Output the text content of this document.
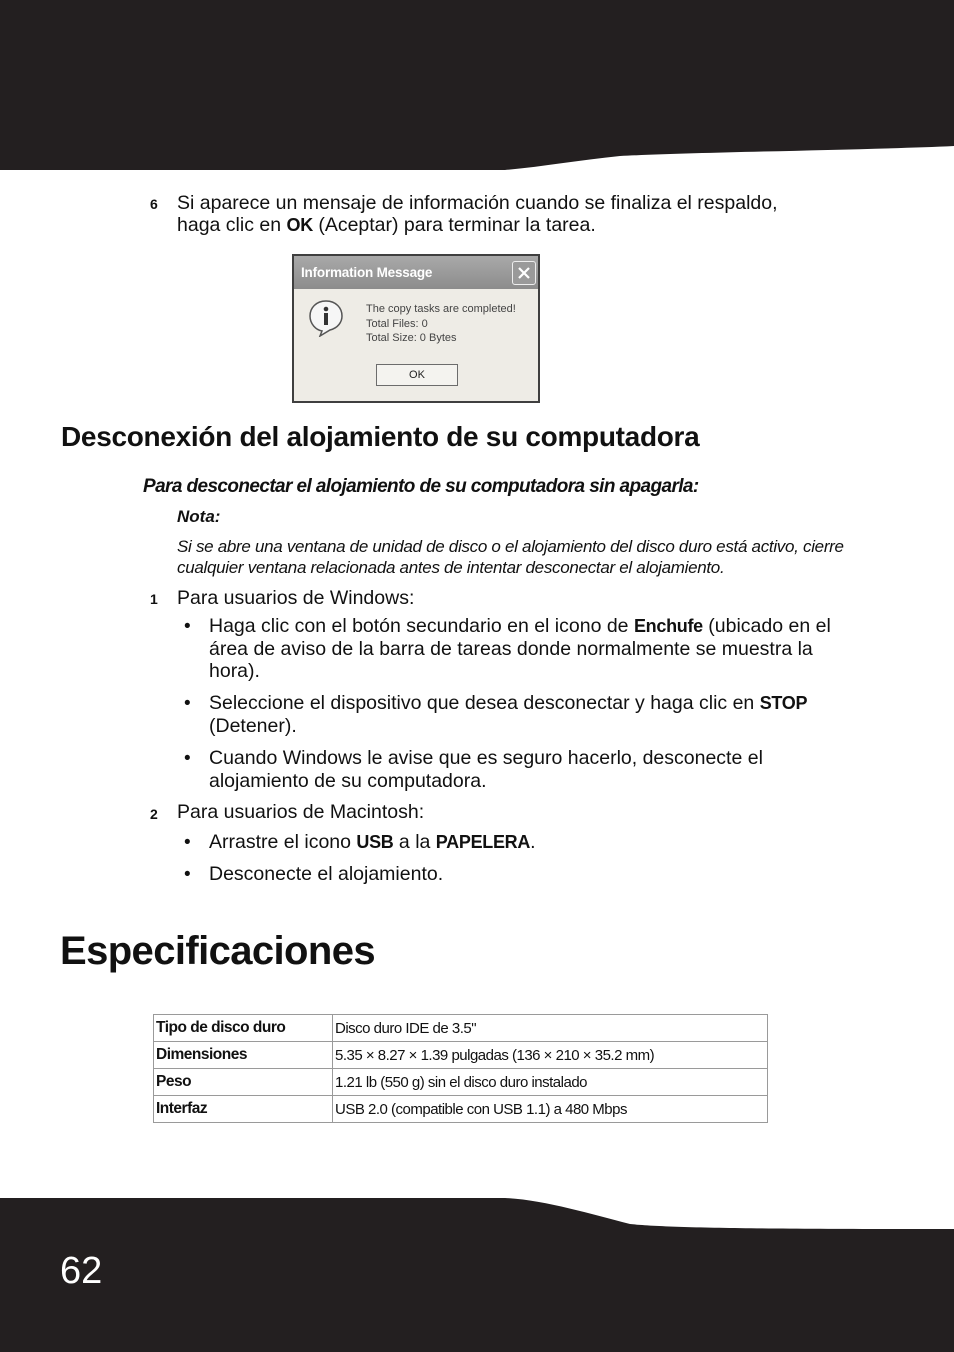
6 Si aparece un mensaje de información cuando se finaliza el respaldo,
haga clic en OK (Aceptar) para terminar la tarea.
Information Message
The copy tasks are completed!
Total Files: 0
Total Size: 0 Bytes
OK
Desconexión del alojamiento de su computadora
Para desconectar el alojamiento de su computadora sin apagarla:
Nota:
Si se abre una ventana de unidad de disco o el alojamiento del disco duro está activo, cierre cualquier ventana relacionada antes de intentar desconectar el alojamiento.
1 Para usuarios de Windows:
• Haga clic con el botón secundario en el icono de Enchufe (ubicado en el área de aviso de la barra de tareas donde normalmente se muestra la hora).
• Seleccione el dispositivo que desea desconectar y haga clic en STOP (Detener).
• Cuando Windows le avise que es seguro hacerlo, desconecte el alojamiento de su computadora.
2 Para usuarios de Macintosh:
• Arrastre el icono USB a la PAPELERA.
• Desconecte el alojamiento.
Especificaciones
Tipo de disco duro	Disco duro IDE de 3.5"
Dimensiones	5.35 × 8.27 × 1.39 pulgadas (136 × 210 × 35.2 mm)
Peso	1.21 lb (550 g) sin el disco duro instalado
Interfaz	USB 2.0 (compatible con USB 1.1) a 480 Mbps
62
